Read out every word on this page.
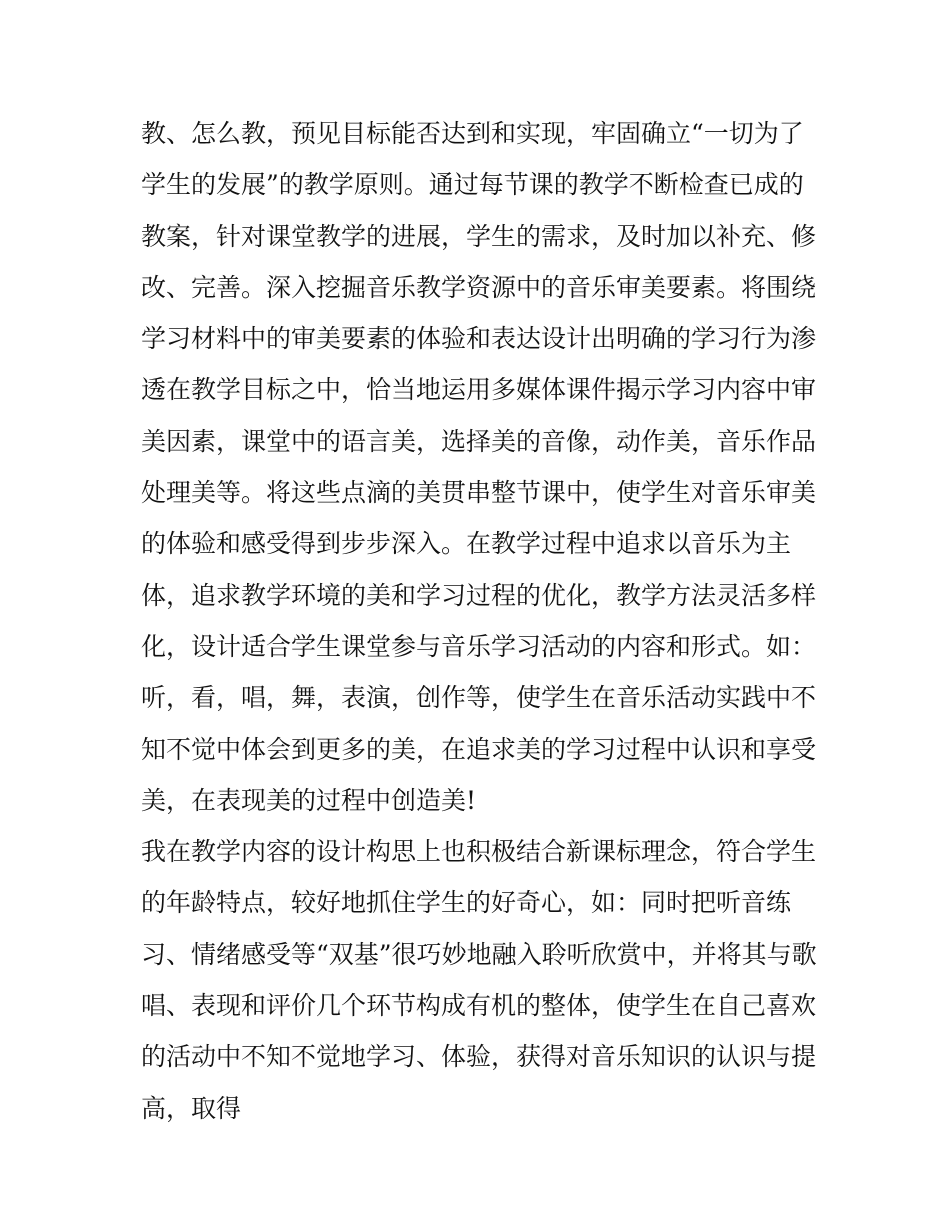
教、怎么教，预见目标能否达到和实现，牢固确立“一切为了
学生的发展”的教学原则。通过每节课的教学不断检查已成的
教案，针对课堂教学的进展，学生的需求，及时加以补充、修
改、完善。深入挖掘音乐教学资源中的音乐审美要素。将围绕
学习材料中的审美要素的体验和表达设计出明确的学习行为渗
透在教学目标之中，恰当地运用多媒体课件揭示学习内容中审
美因素，课堂中的语言美，选择美的音像，动作美，音乐作品
处理美等。将这些点滴的美贯串整节课中，使学生对音乐审美
的体验和感受得到步步深入。在教学过程中追求以音乐为主
体，追求教学环境的美和学习过程的优化，教学方法灵活多样
化，设计适合学生课堂参与音乐学习活动的内容和形式。如：
听，看，唱，舞，表演，创作等，使学生在音乐活动实践中不
知不觉中体会到更多的美，在追求美的学习过程中认识和享受
美，在表现美的过程中创造美!
我在教学内容的设计构思上也积极结合新课标理念，符合学生
的年龄特点，较好地抓住学生的好奇心，如：同时把听音练
习、情绪感受等“双基”很巧妙地融入聆听欣赏中，并将其与歌
唱、表现和评价几个环节构成有机的整体，使学生在自己喜欢
的活动中不知不觉地学习、体验，获得对音乐知识的认识与提
高，取得
